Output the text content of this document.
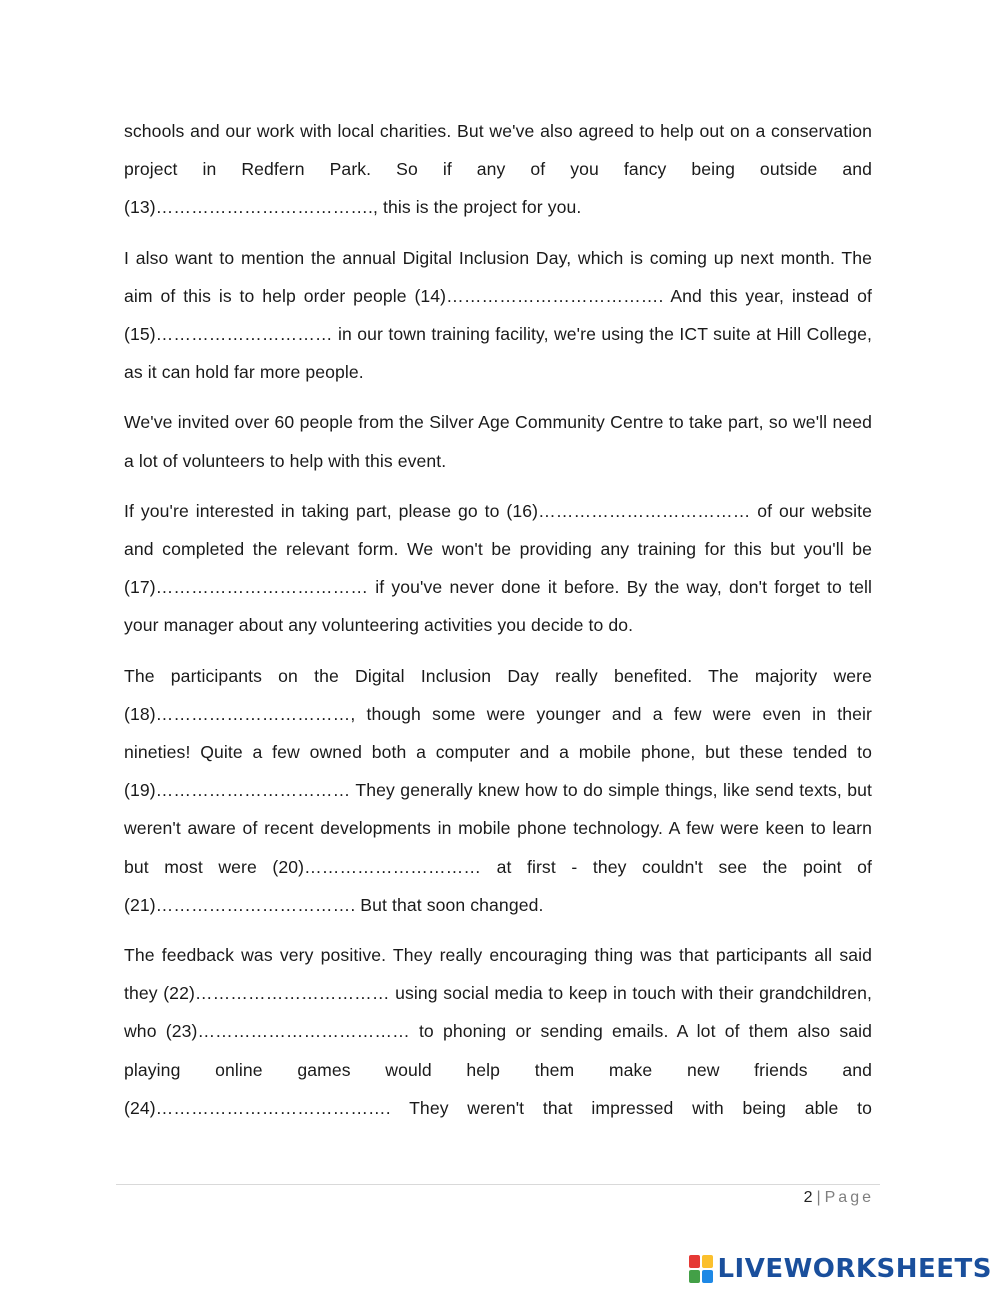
schools and our work with local charities. But we've also agreed to help out on a conservation project in Redfern Park. So if any of you fancy being outside and (13)………………………………., this is the project for you.

I also want to mention the annual Digital Inclusion Day, which is coming up next month. The aim of this is to help order people (14)………………………………. And this year, instead of (15)………………………… in our town training facility, we're using the ICT suite at Hill College, as it can hold far more people.

We've invited over 60 people from the Silver Age Community Centre to take part, so we'll need a lot of volunteers to help with this event.

If you're interested in taking part, please go to (16)……………………………… of our website and completed the relevant form. We won't be providing any training for this but you'll be (17)……………………………… if you've never done it before. By the way, don't forget to tell your manager about any volunteering activities you decide to do.

The participants on the Digital Inclusion Day really benefited. The majority were (18)……………………………, though some were younger and a few were even in their nineties! Quite a few owned both a computer and a mobile phone, but these tended to (19)…………………………… They generally knew how to do simple things, like send texts, but weren't aware of recent developments in mobile phone technology. A few were keen to learn but most were (20)………………………… at first - they couldn't see the point of (21)……………………………. But that soon changed.

The feedback was very positive. They really encouraging thing was that participants all said they (22)…………………………… using social media to keep in touch with their grandchildren, who (23)……………………………… to phoning or sending emails. A lot of them also said playing online games would help them make new friends and (24)…………………………………. They weren't that impressed with being able to

2 | Page
LIVEWORKSHEETS
